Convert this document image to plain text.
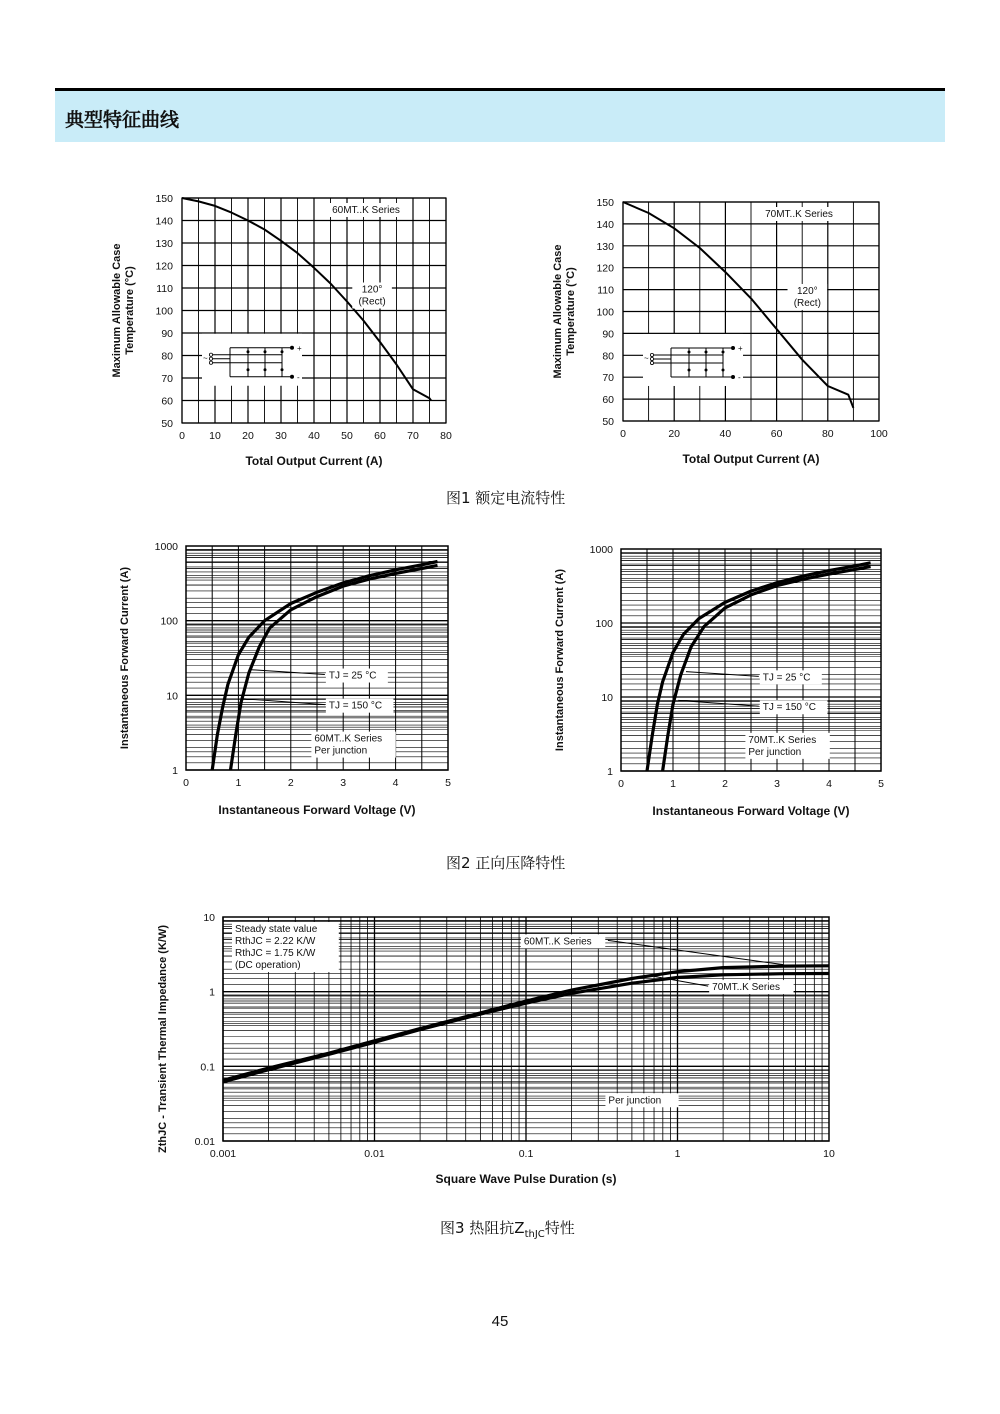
典型特征曲线
0 10 20 30 40 50 60 70 80
50
60
70
80
90
100
110
120
130
140
150
60MT..K Series
120°
(Rect)
+
-
~
Maximum Allowable Case Temperature (°C)
Total Output Current (A)
0	20	40	60	80	100
50
60
70
80
90
100
110
120
130
140
150
70MT..K Series
120°
(Rect)
+
-
~
Maximum Allowable Case Temperature (°C)
Total Output Current (A)
图1 额定电流特性
0	1	2	3	4	5
1
10
100
1000
TJ = 25 °C
TJ = 150 °C
60MT..K Series
Per junction
Instantaneous Forward Current (A)
Instantaneous Forward Voltage (V)
0	1	2	3	4	5
1
10
100
1000
TJ = 25 °C
TJ = 150 °C
70MT..K Series
Per junction
Instantaneous Forward Current (A)
Instantaneous Forward Voltage (V)
图2 正向压降特性
0.001	0.01	0.1	1	10
0.01
0.1
1
10
Steady state value
RthJC = 2.22 K/W
RthJC = 1.75 K/W
(DC operation)
60MT..K Series
70MT..K Series
Per junction
ZthJC - Transient Thermal Impedance (K/W)
Square Wave Pulse Duration (s)
图3 热阻抗$Z_{thJC}$特性
45
